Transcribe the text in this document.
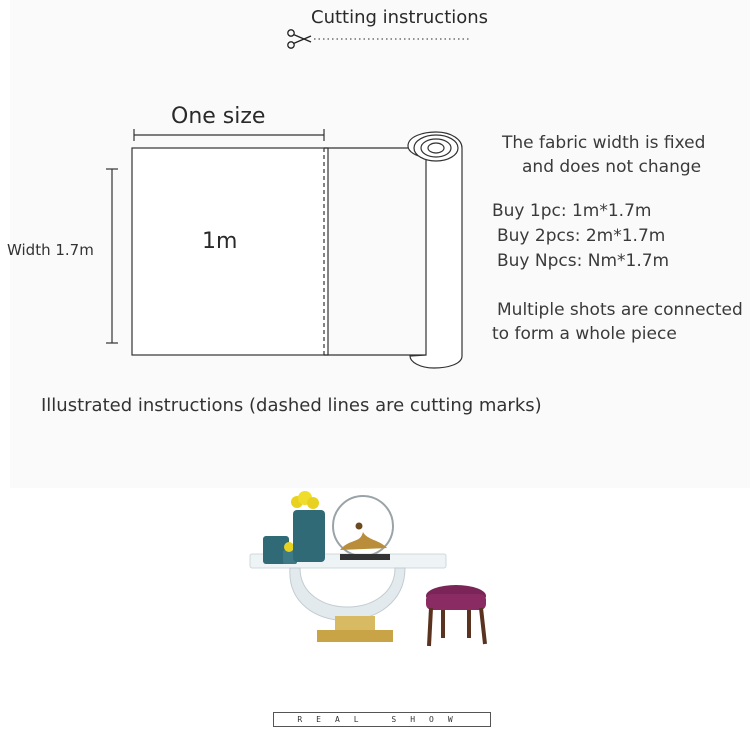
Cutting instructions
One size
Width 1.7m	1m
The fabric width is fixed
and does not change
Buy 1pc: 1m*1.7m
Buy 2pcs: 2m*1.7m
Buy Npcs: Nm*1.7m
Multiple shots are connected
to form a whole piece
Illustrated instructions (dashed lines are cutting marks)
REAL SHOW
